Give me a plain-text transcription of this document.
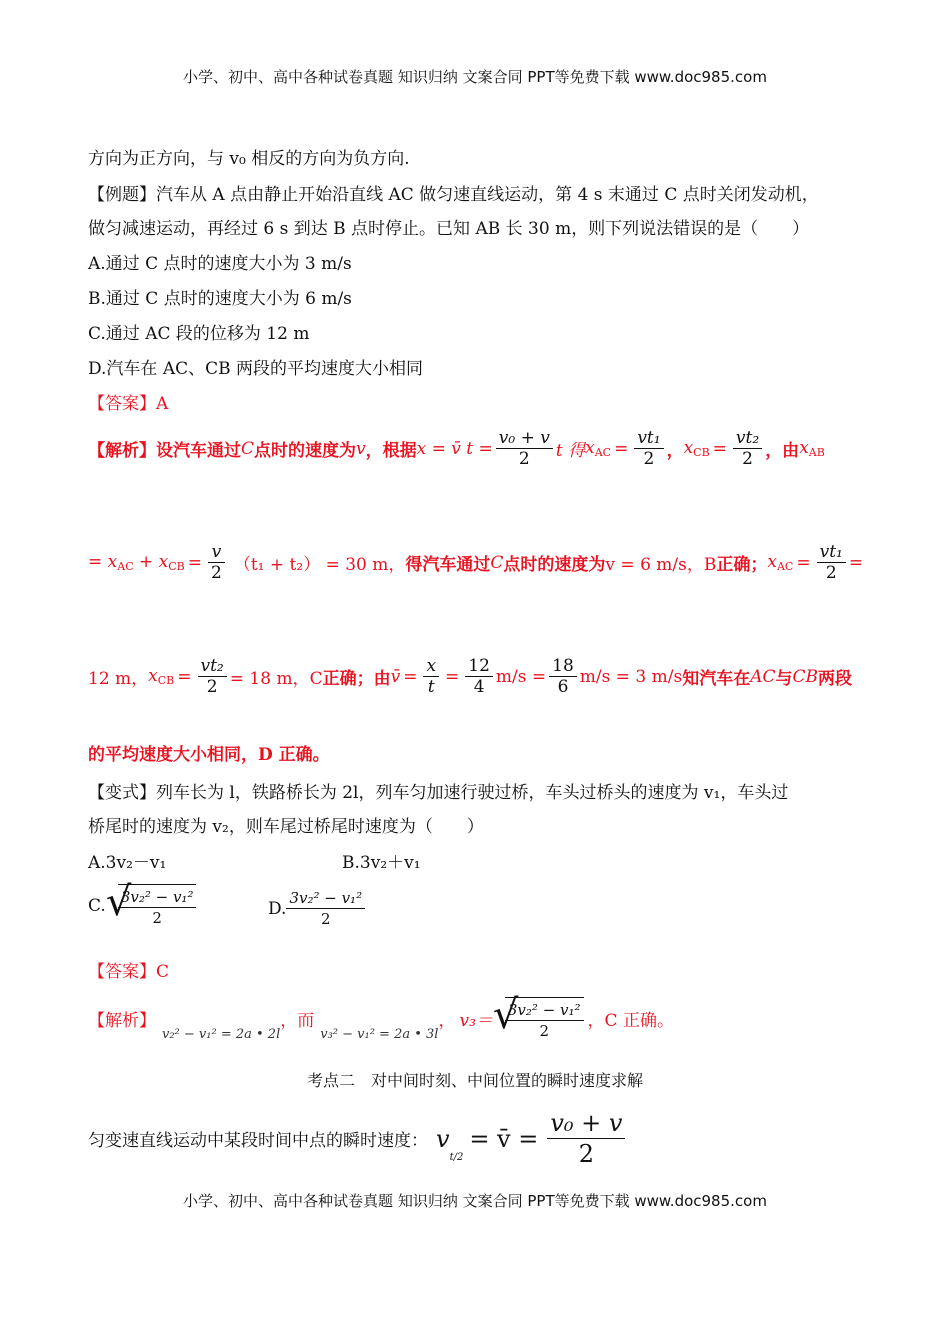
小学、初中、高中各种试卷真题 知识归纳 文案合同 PPT等免费下载 www.doc985.com
方向为正方向，与 v₀ 相反的方向为负方向.
【例题】汽车从 A 点由静止开始沿直线 AC 做匀速直线运动，第 4 s 末通过 C 点时关闭发动机，
做匀减速运动，再经过 6 s 到达 B 点时停止。已知 AB 长 30 m，则下列说法错误的是（　　）
A.通过 C 点时的速度大小为 3 m/s
B.通过 C 点时的速度大小为 6 m/s
C.通过 AC 段的位移为 12 m
D.汽车在 AC、CB 两段的平均速度大小相同
【答案】A
【解析】 设汽车通过 C 点时的速度为 v ，根据 x = v̄ $t = \frac{\text{v₀ + v}}{2}$ t 得 $x_{AC} = \frac{\text{vt₁}}{2}$ ， $x_{CB} = \frac{\text{vt₂}}{2}$ ，由 $x_{AB}$
= $x_{AC} + x_{CB} = \frac{v}{2} (t_1 + t_2) = 30$ m， 得汽车通过 C 点时的速度为 v = 6 m/s，B 正确； $x_{AC} = \frac{\text{vt₁}}{2}$ =
12 m， $x_{CB} = \frac{\text{vt₂}}{2} = 18$ m，C 正确；由 v̄ = $\frac{x}{t} = \frac{12}{4} m/s = \frac{18}{6} m/s = 3$ m/s 知汽车在 AC 与 CB 两段
的平均速度大小相同，D 正确。
【变式】列车长为 l，铁路桥长为 2l，列车匀加速行驶过桥，车头过桥头的速度为 v₁，车头过
桥尾时的速度为 v₂，则车尾过桥尾时速度为（　　）
A.3v₂－v₁	B.3v₂＋v₁
C. √
$\frac{\text{3v₂² − v₁²}}{2}$	D. $\frac{\text{3v₂² − v₁²}}{2}$
【答案】C
【解析】
v₂² − v₁² = 2a • 2l
，而
v₃² − v₁² = 2a • 3l
， v₃＝ √
$\frac{\text{3v₂² − v₁²}}{2}$ ，C 正确。
考点二　对中间时刻、中间位置的瞬时速度求解
匀变速直线运动中某段时间中点的瞬时速度： v
t/2
= v̄ = $\frac{\text{v₀ + v}}{2}$
小学、初中、高中各种试卷真题 知识归纳 文案合同 PPT等免费下载 www.doc985.com
